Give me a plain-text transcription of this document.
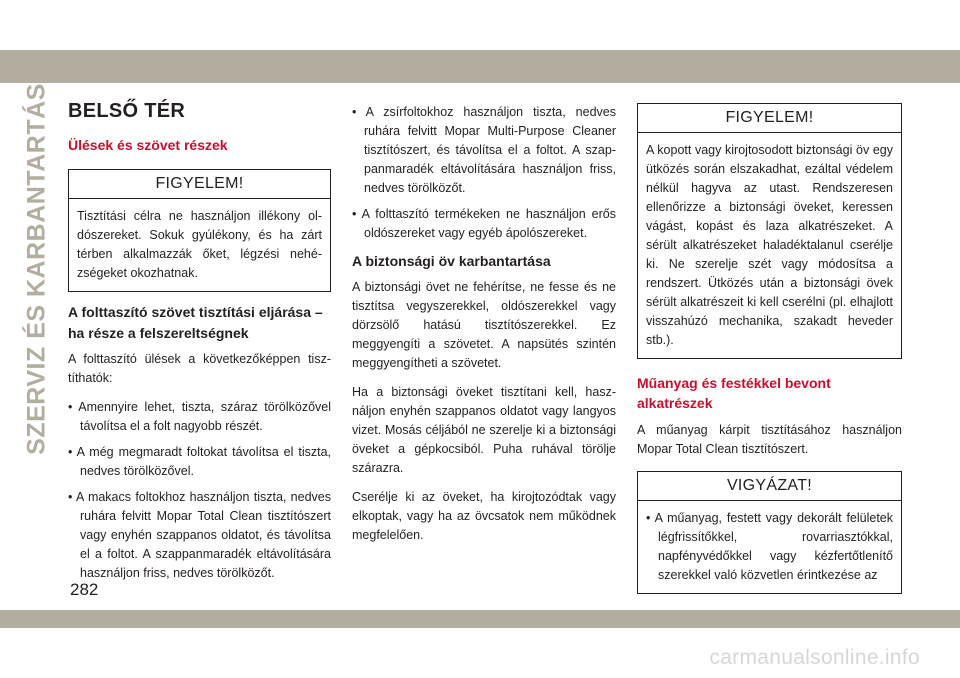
SZERVIZ ÉS KARBANTARTÁS BELSŐ TÉR
Ülések és szövet részek
FIGYELEM!

Tisztítási célra ne használjon illékony oldószereket. Sokuk gyúlékony, és ha zárt térben alkalmazzák őket, légzési nehézségeket okozhatnak.

A folttaszító szövet tisztítási eljárása – ha része a felszereltségnek

A folttaszító ülések a következőképpen tisztíthatók:

• Amennyire lehet, tiszta, száraz törölközővel távolítsa el a folt nagyobb részét.
• A még megmaradt foltokat távolítsa el tiszta, nedves törölközővel.
• A makacs foltokhoz használjon tiszta, nedves ruhára felvitt Mopar Total Clean tisztítószert vagy enyhén szappanos oldatot, és távolítsa el a foltot. A szappanmaradék eltávolítására használjon friss, nedves törölközőt.
• A zsírfoltokhoz használjon tiszta, nedves ruhára felvitt Mopar Multi-Purpose Cleaner tisztítószert, és távolítsa el a foltot. A szappanmaradék eltávolítására használjon friss, nedves törölközőt.
• A folttaszító termékeken ne használjon erős oldószereket vagy egyéb ápolószereket.
A biztonsági öv karbantartása

A biztonsági övet ne fehérítse, ne fesse és ne tisztítsa vegyszerekkel, oldószerekkel vagy dörzsölő hatású tisztítószerekkel. Ez meggyengíti a szövetet. A napsütés szintén meggyengítheti a szövetet.

Ha a biztonsági öveket tisztítani kell, használjon enyhén szappanos oldatot vagy langyos vizet. Mosás céljából ne szerelje ki a biztonsági öveket a gépkocsiból. Puha ruhával törölje szárazra.

Cserélje ki az öveket, ha kirojtozódtak vagy elkoptak, vagy ha az övcsatok nem működnek megfelelően.

FIGYELEM!

A kopott vagy kirojtosodott biztonsági öv egy ütközés során elszakadhat, ezáltal védelem nélkül hagyva az utast. Rendszeresen ellenőrizze a biztonsági öveket, keressen vágást, kopást és laza alkatrészeket. A sérült alkatrészeket haladéktalanul cserélje ki. Ne szerelje szét vagy módosítsa a rendszert. Ütközés után a biztonsági övek sérült alkatrészeit ki kell cserélni (pl. elhajlott visszahúzó mechanika, szakadt heveder stb.).

Műanyag és festékkel bevont alkatrészek

A műanyag kárpit tisztításához használjon Mopar Total Clean tisztítószert.

VIGYÁZAT!
• A műanyag, festett vagy dekorált felületek légfrissítőkkel, rovarriasztókkal, napfényvédőkkel vagy kézfertőtlenítő szerekkel való közvetlen érintkezése az
282
carmanualsonline.info
